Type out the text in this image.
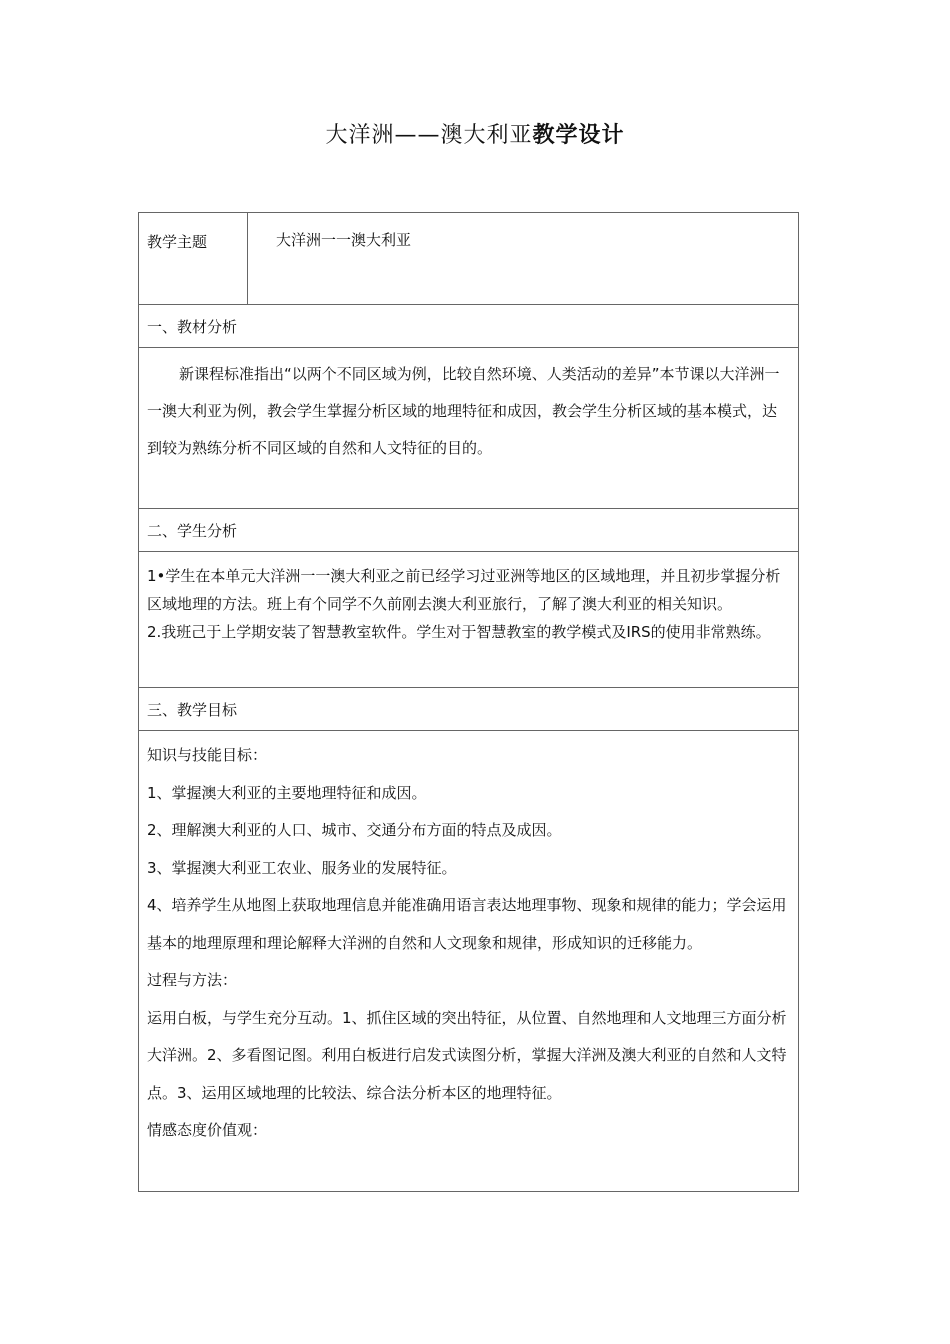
大洋洲——澳大利亚教学设计
教学主题	大洋洲一一澳大利亚
一、教材分析

新课程标准指出“以两个不同区域为例，比较自然环境、人类活动的差异”本节课以大洋洲一一澳大利亚为例，教会学生掌握分析区域的地理特征和成因，教会学生分析区域的基本模式，达到较为熟练分析不同区域的自然和人文特征的目的。

二、学生分析

1•学生在本单元大洋洲一一澳大利亚之前已经学习过亚洲等地区的区域地理，并且初步掌握分析区域地理的方法。班上有个同学不久前刚去澳大利亚旅行，了解了澳大利亚的相关知识。

2.我班己于上学期安装了智慧教室软件。学生对于智慧教室的教学模式及IRS的使用非常熟练。

三、教学目标

知识与技能目标：

1、掌握澳大利亚的主要地理特征和成因。

2、理解澳大利亚的人口、城市、交通分布方面的特点及成因。

3、掌握澳大利亚工农业、服务业的发展特征。

4、培养学生从地图上获取地理信息并能准确用语言表达地理事物、现象和规律的能力；学会运用基本的地理原理和理论解释大洋洲的自然和人文现象和规律，形成知识的迁移能力。

过程与方法：

运用白板，与学生充分互动。1、抓住区域的突出特征，从位置、自然地理和人文地理三方面分析大洋洲。2、多看图记图。利用白板进行启发式读图分析，掌握大洋洲及澳大利亚的自然和人文特点。3、运用区域地理的比较法、综合法分析本区的地理特征。

情感态度价值观：
